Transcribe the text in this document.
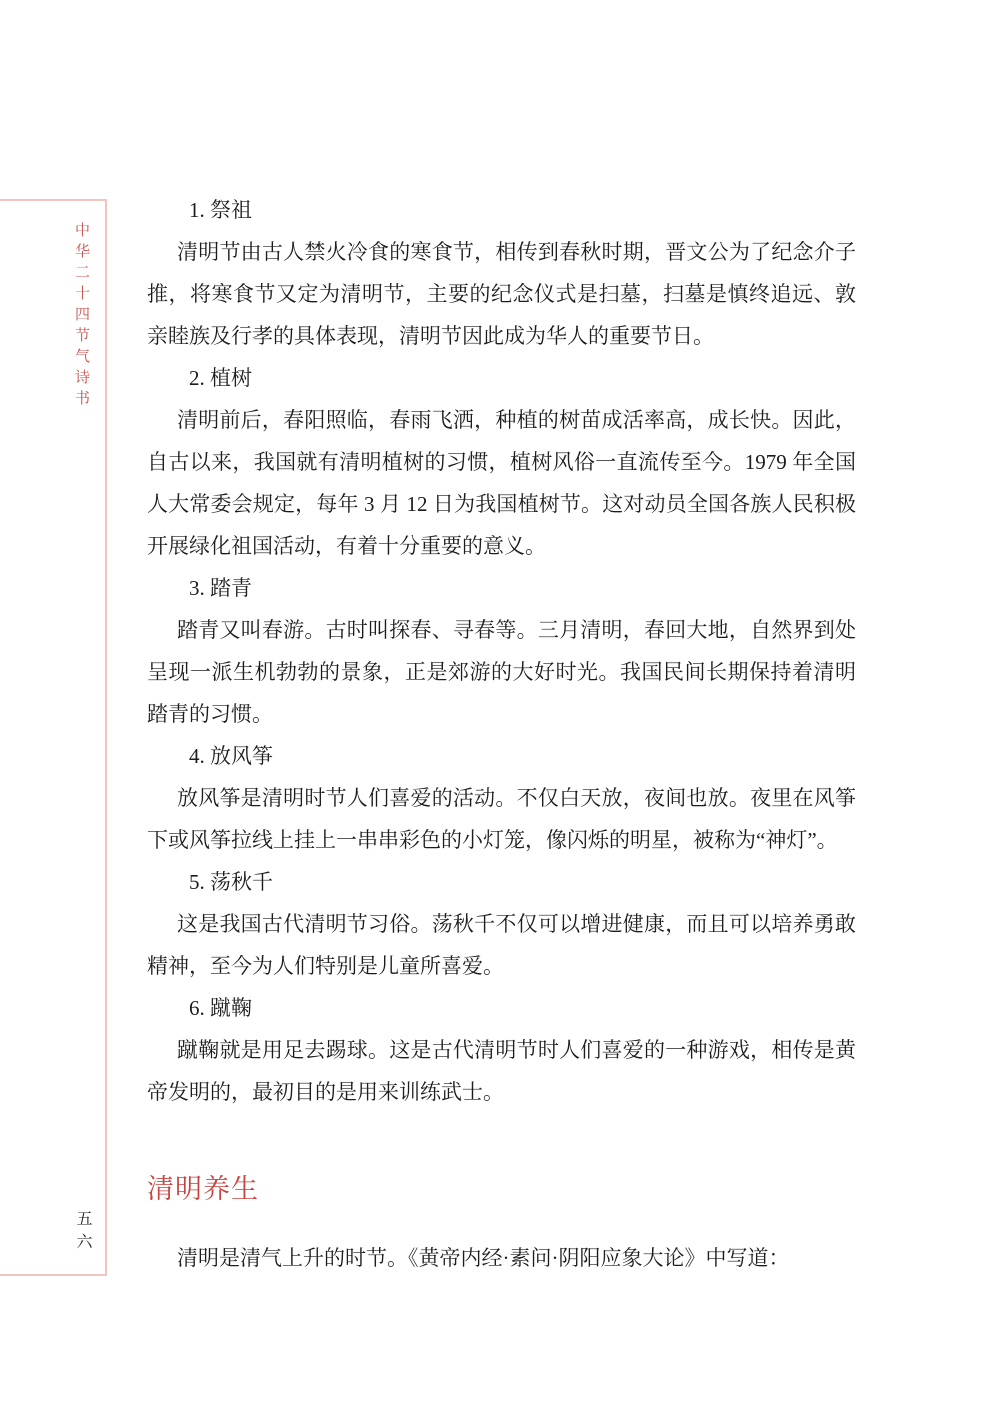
中华二十四节气诗书
五六
1. 祭祖

清明节由古人禁火冷食的寒食节，相传到春秋时期，晋文公为了纪念介子推，将寒食节又定为清明节，主要的纪念仪式是扫墓，扫墓是慎终追远、敦亲睦族及行孝的具体表现，清明节因此成为华人的重要节日。

2. 植树

清明前后，春阳照临，春雨飞洒，种植的树苗成活率高，成长快。因此，自古以来，我国就有清明植树的习惯，植树风俗一直流传至今。1979 年全国人大常委会规定，每年 3 月 12 日为我国植树节。这对动员全国各族人民积极开展绿化祖国活动，有着十分重要的意义。

3. 踏青

踏青又叫春游。古时叫探春、寻春等。三月清明，春回大地，自然界到处呈现一派生机勃勃的景象，正是郊游的大好时光。我国民间长期保持着清明踏青的习惯。

4. 放风筝

放风筝是清明时节人们喜爱的活动。不仅白天放，夜间也放。夜里在风筝下或风筝拉线上挂上一串串彩色的小灯笼，像闪烁的明星，被称为“神灯”。

5. 荡秋千

这是我国古代清明节习俗。荡秋千不仅可以增进健康，而且可以培养勇敢精神，至今为人们特别是儿童所喜爱。

6. 蹴鞠

蹴鞠就是用足去踢球。这是古代清明节时人们喜爱的一种游戏，相传是黄帝发明的，最初目的是用来训练武士。

清明养生

清明是清气上升的时节。《黄帝内经·素问·阴阳应象大论》中写道：
